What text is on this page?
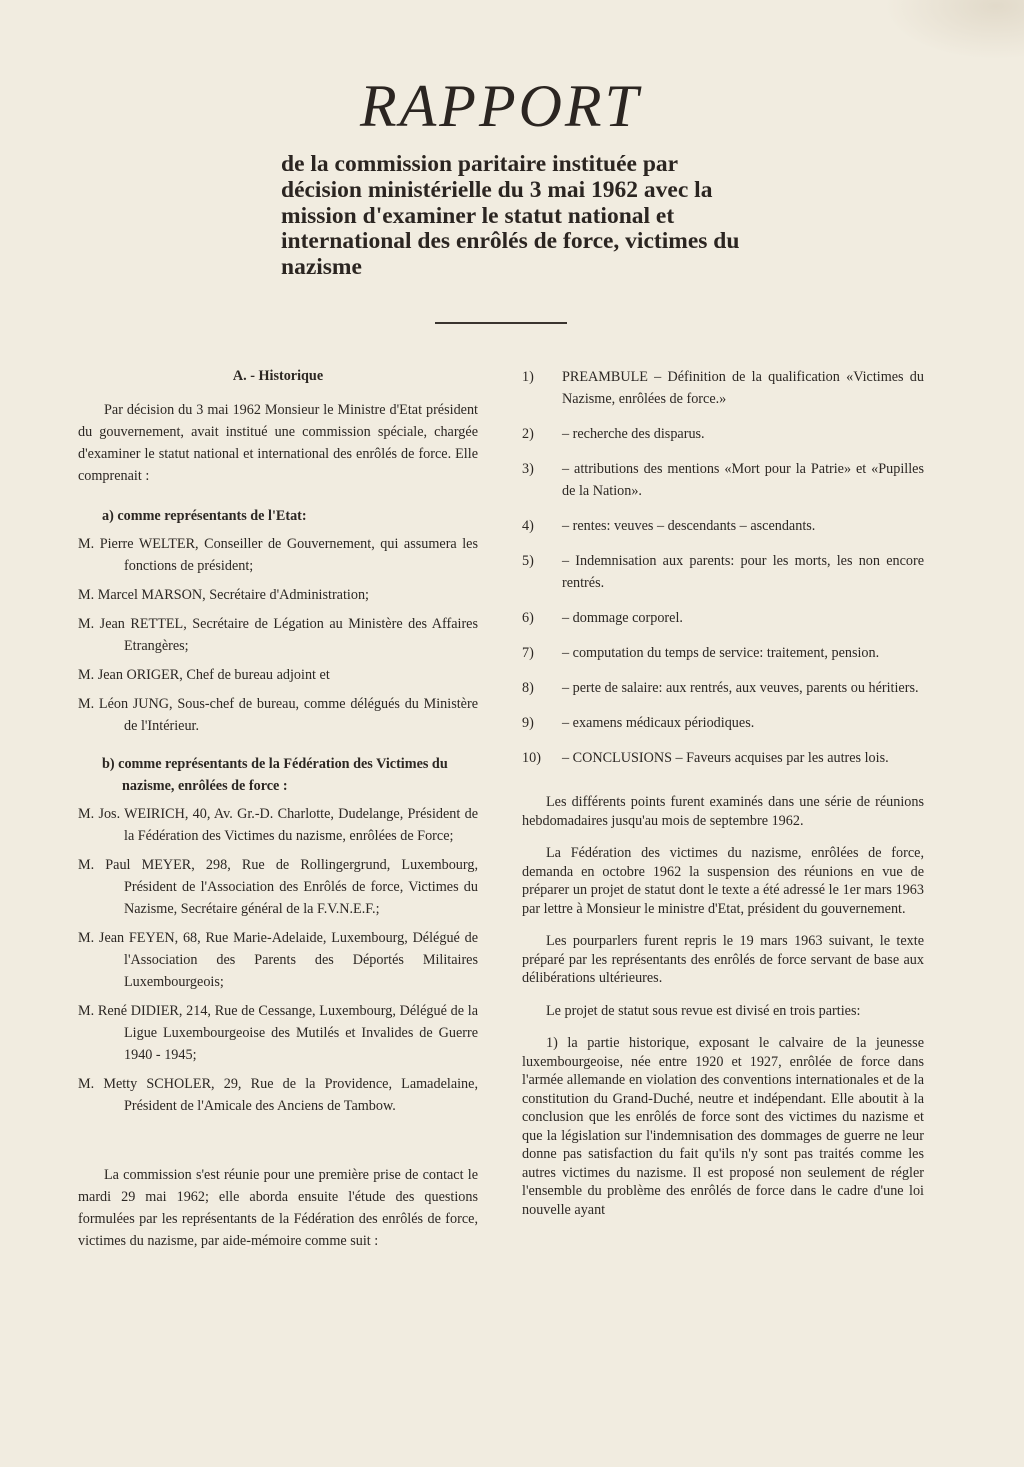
RAPPORT
de la commission paritaire instituée par décision ministérielle du 3 mai 1962 avec la mission d'examiner le statut national et international des enrôlés de force, victimes du nazisme
A. - Historique

Par décision du 3 mai 1962 Monsieur le Ministre d'Etat président du gouvernement, avait institué une commission spéciale, chargée d'examiner le statut national et international des enrôlés de force. Elle comprenait :

a) comme représentants de l'Etat:
M. Pierre WELTER, Conseiller de Gouvernement, qui assumera les fonctions de président;
M. Marcel MARSON, Secrétaire d'Administration;
M. Jean RETTEL, Secrétaire de Légation au Ministère des Affaires Etrangères;
M. Jean ORIGER, Chef de bureau adjoint et
M. Léon JUNG, Sous-chef de bureau, comme délégués du Ministère de l'Intérieur.
b) comme représentants de la Fédération des Victimes du nazisme, enrôlées de force :
M. Jos. WEIRICH, 40, Av. Gr.-D. Charlotte, Dudelange, Président de la Fédération des Victimes du nazisme, enrôlées de Force;
M. Paul MEYER, 298, Rue de Rollingergrund, Luxembourg, Président de l'Association des Enrôlés de force, Victimes du Nazisme, Secrétaire général de la F.V.N.E.F.;
M. Jean FEYEN, 68, Rue Marie-Adelaide, Luxembourg, Délégué de l'Association des Parents des Déportés Militaires Luxembourgeois;
M. René DIDIER, 214, Rue de Cessange, Luxembourg, Délégué de la Ligue Luxembourgeoise des Mutilés et Invalides de Guerre 1940 - 1945;
M. Metty SCHOLER, 29, Rue de la Providence, Lamadelaine, Président de l'Amicale des Anciens de Tambow.

La commission s'est réunie pour une première prise de contact le mardi 29 mai 1962; elle aborda ensuite l'étude des questions formulées par les représentants de la Fédération des enrôlés de force, victimes du nazisme, par aide-mémoire comme suit :

1)	PREAMBULE – Définition de la qualification «Victimes du Nazisme, enrôlées de force.»
2)	– recherche des disparus.
3)	– attributions des mentions «Mort pour la Patrie» et «Pupilles de la Nation».
4)	– rentes: veuves – descendants – ascendants.
5)	– Indemnisation aux parents: pour les morts, les non encore rentrés.
6)	– dommage corporel.
7)	– computation du temps de service: traitement, pension.
8)	– perte de salaire: aux rentrés, aux veuves, parents ou héritiers.
9)	– examens médicaux périodiques.
10)	– CONCLUSIONS – Faveurs acquises par les autres lois.

Les différents points furent examinés dans une série de réunions hebdomadaires jusqu'au mois de septembre 1962.

La Fédération des victimes du nazisme, enrôlées de force, demanda en octobre 1962 la suspension des réunions en vue de préparer un projet de statut dont le texte a été adressé le 1er mars 1963 par lettre à Monsieur le ministre d'Etat, président du gouvernement.

Les pourparlers furent repris le 19 mars 1963 suivant, le texte préparé par les représentants des enrôlés de force servant de base aux délibérations ultérieures.

Le projet de statut sous revue est divisé en trois parties:

1) la partie historique, exposant le calvaire de la jeunesse luxembourgeoise, née entre 1920 et 1927, enrôlée de force dans l'armée allemande en violation des conventions internationales et de la constitution du Grand-Duché, neutre et indépendant. Elle aboutit à la conclusion que les enrôlés de force sont des victimes du nazisme et que la législation sur l'indemnisation des dommages de guerre ne leur donne pas satisfaction du fait qu'ils n'y sont pas traités comme les autres victimes du nazisme. Il est proposé non seulement de régler l'ensemble du problème des enrôlés de force dans le cadre d'une loi nouvelle ayant
